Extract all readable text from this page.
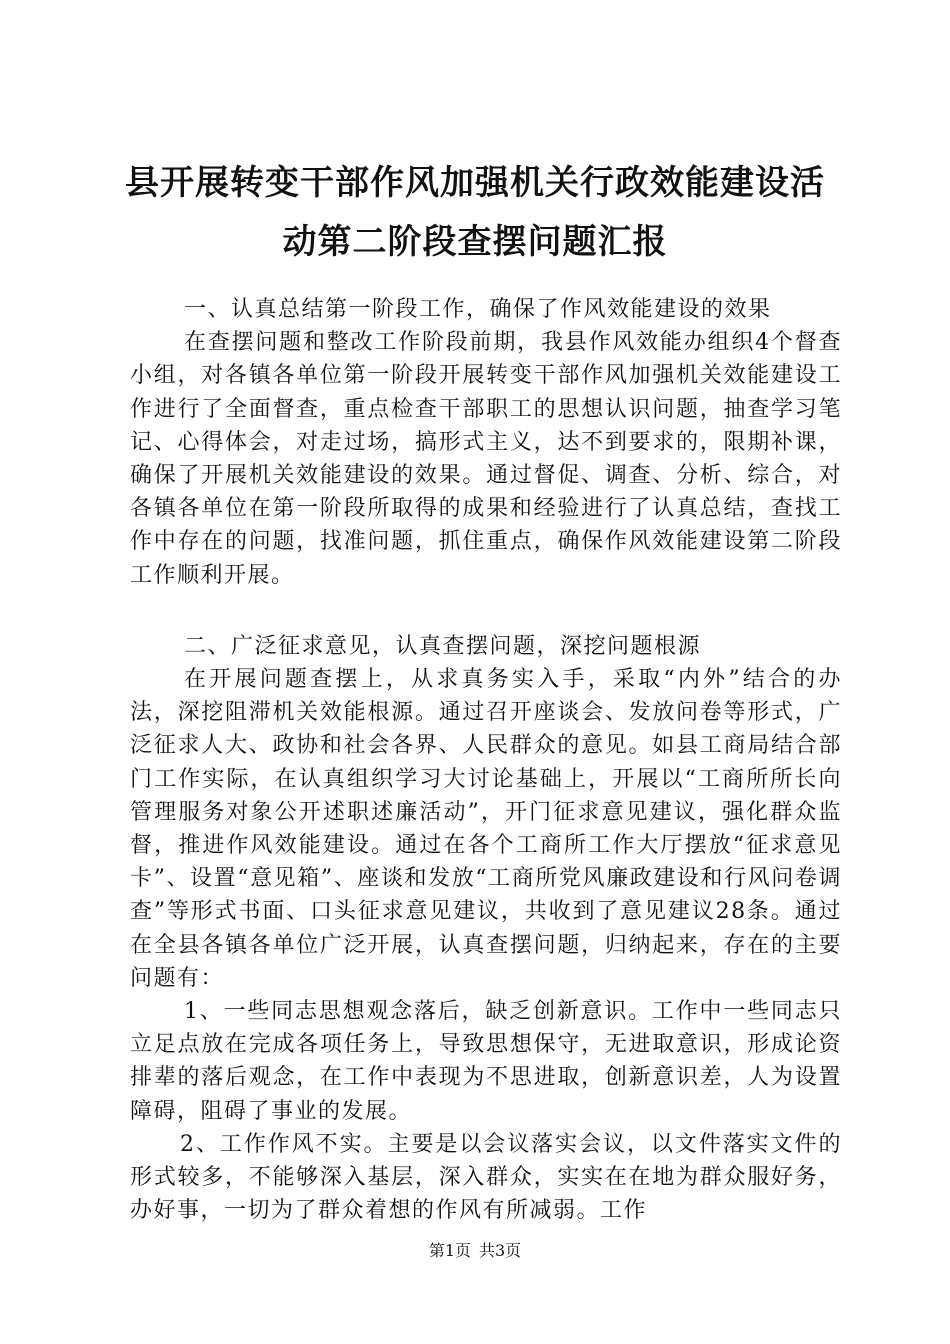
县开展转变干部作风加强机关行政效能建设活
动第二阶段查摆问题汇报

一、认真总结第一阶段工作，确保了作风效能建设的效果

在查摆问题和整改工作阶段前期，我县作风效能办组织4个督查小组，对各镇各单位第一阶段开展转变干部作风加强机关效能建设工作进行了全面督查，重点检查干部职工的思想认识问题，抽查学习笔记、心得体会，对走过场，搞形式主义，达不到要求的，限期补课，确保了开展机关效能建设的效果。通过督促、调查、分析、综合，对各镇各单位在第一阶段所取得的成果和经验进行了认真总结，查找工作中存在的问题，找准问题，抓住重点，确保作风效能建设第二阶段工作顺利开展。

二、广泛征求意见，认真查摆问题，深挖问题根源

在开展问题查摆上，从求真务实入手，采取“内外”结合的办法，深挖阻滞机关效能根源。通过召开座谈会、发放问卷等形式，广泛征求人大、政协和社会各界、人民群众的意见。如县工商局结合部门工作实际，在认真组织学习大讨论基础上，开展以“工商所所长向管理服务对象公开述职述廉活动”，开门征求意见建议，强化群众监督，推进作风效能建设。通过在各个工商所工作大厅摆放“征求意见卡”、设置“意见箱”、座谈和发放“工商所党风廉政建设和行风问卷调查”等形式书面、口头征求意见建议，共收到了意见建议28条。通过在全县各镇各单位广泛开展，认真查摆问题，归纳起来，存在的主要问题有：

1、一些同志思想观念落后，缺乏创新意识。工作中一些同志只立足点放在完成各项任务上，导致思想保守，无进取意识，形成论资排辈的落后观念，在工作中表现为不思进取，创新意识差，人为设置障碍，阻碍了事业的发展。

2、工作作风不实。主要是以会议落实会议，以文件落实文件的形式较多，不能够深入基层，深入群众，实实在在地为群众服好务，办好事，一切为了群众着想的作风有所减弱。工作

第1页 共3页
